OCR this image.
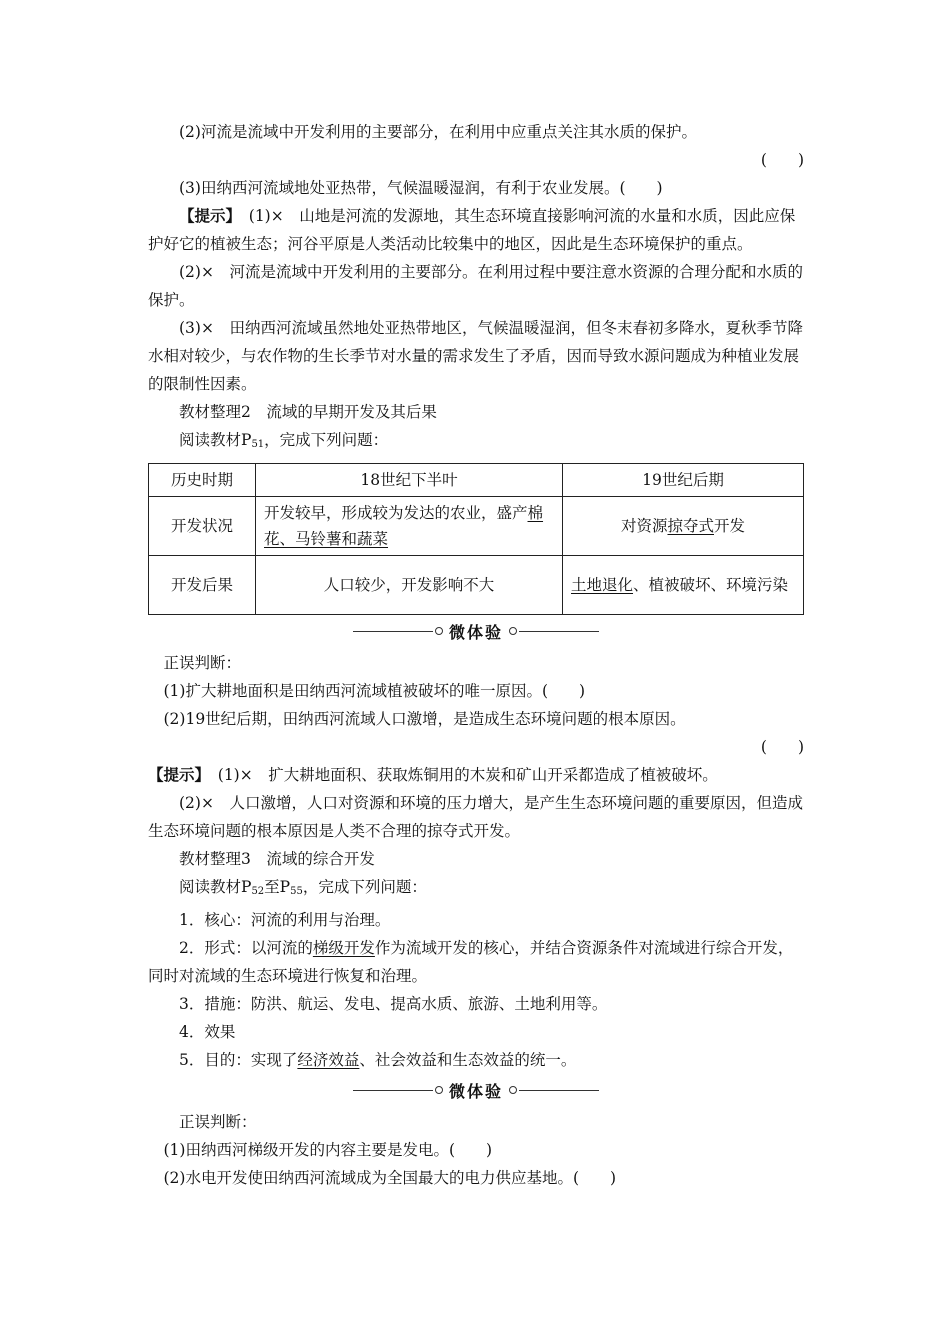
(2)河流是流域中开发利用的主要部分，在利用中应重点关注其水质的保护。

(　　)

(3)田纳西河流域地处亚热带，气候温暖湿润，有利于农业发展。(　　)

【提示】　(1)×　山地是河流的发源地，其生态环境直接影响河流的水量和水质，因此应保护好它的植被生态；河谷平原是人类活动比较集中的地区，因此是生态环境保护的重点。

(2)×　河流是流域中开发利用的主要部分。在利用过程中要注意水资源的合理分配和水质的保护。

(3)×　田纳西河流域虽然地处亚热带地区，气候温暖湿润，但冬末春初多降水，夏秋季节降水相对较少，与农作物的生长季节对水量的需求发生了矛盾，因而导致水源问题成为种植业发展的限制性因素。

教材整理2　流域的早期开发及其后果

阅读教材$P_{51}$，完成下列问题：

历史时期	18世纪下半叶	19世纪后期
开发状况	开发较早，形成较为发达的农业，盛产棉花、马铃薯和蔬菜	对资源掠夺式开发
开发后果	人口较少，开发影响不大	土地退化、植被破坏、环境污染
微体验

正误判断：

(1)扩大耕地面积是田纳西河流域植被破坏的唯一原因。(　　)

(2)19世纪后期，田纳西河流域人口激增，是造成生态环境问题的根本原因。

(　　)

【提示】　(1)×　扩大耕地面积、获取炼铜用的木炭和矿山开采都造成了植被破坏。

(2)×　人口激增，人口对资源和环境的压力增大，是产生生态环境问题的重要原因，但造成生态环境问题的根本原因是人类不合理的掠夺式开发。

教材整理3　流域的综合开发

阅读教材$P_{52}$至$P_{55}$，完成下列问题：

1．核心：河流的利用与治理。

2．形式：以河流的梯级开发作为流域开发的核心，并结合资源条件对流域进行综合开发，同时对流域的生态环境进行恢复和治理。

3．措施：防洪、航运、发电、提高水质、旅游、土地利用等。

4．效果

5．目的：实现了经济效益、社会效益和生态效益的统一。

微体验

正误判断：

(1)田纳西河梯级开发的内容主要是发电。(　　)

(2)水电开发使田纳西河流域成为全国最大的电力供应基地。(　　)
